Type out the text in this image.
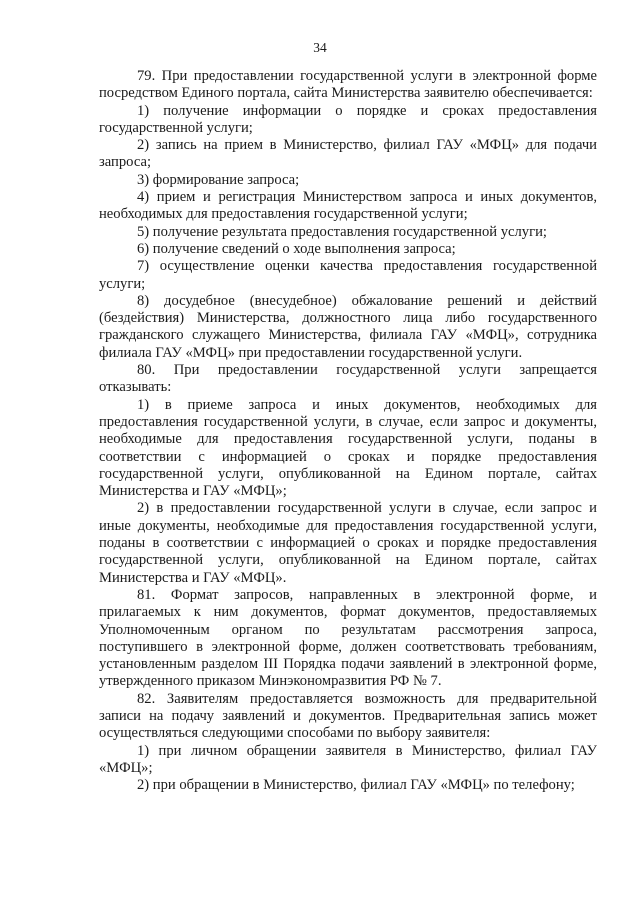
34

79. При предоставлении государственной услуги в электронной форме посредством Единого портала, сайта Министерства заявителю обеспечивается:

1) получение информации о порядке и сроках предоставления государственной услуги;

2) запись на прием в Министерство, филиал ГАУ «МФЦ» для подачи запроса;

3) формирование запроса;

4) прием и регистрация Министерством запроса и иных документов, необходимых для предоставления государственной услуги;

5) получение результата предоставления государственной услуги;

6) получение сведений о ходе выполнения запроса;

7) осуществление оценки качества предоставления государственной услуги;

8) досудебное (внесудебное) обжалование решений и действий (бездействия) Министерства, должностного лица либо государственного гражданского служащего Министерства, филиала ГАУ «МФЦ», сотрудника филиала ГАУ «МФЦ» при предоставлении государственной услуги.

80. При предоставлении государственной услуги запрещается отказывать:

1) в приеме запроса и иных документов, необходимых для предоставления государственной услуги, в случае, если запрос и документы, необходимые для предоставления государственной услуги, поданы в соответствии с информацией о сроках и порядке предоставления государственной услуги, опубликованной на Едином портале, сайтах Министерства и ГАУ «МФЦ»;

2) в предоставлении государственной услуги в случае, если запрос и иные документы, необходимые для предоставления государственной услуги, поданы в соответствии с информацией о сроках и порядке предоставления государственной услуги, опубликованной на Едином портале, сайтах Министерства и ГАУ «МФЦ».

81. Формат запросов, направленных в электронной форме, и прилагаемых к ним документов, формат документов, предоставляемых Уполномоченным органом по результатам рассмотрения запроса, поступившего в электронной форме, должен соответствовать требованиям, установленным разделом III Порядка подачи заявлений в электронной форме, утвержденного приказом Минэкономразвития РФ № 7.

82. Заявителям предоставляется возможность для предварительной записи на подачу заявлений и документов. Предварительная запись может осуществляться следующими способами по выбору заявителя:

1) при личном обращении заявителя в Министерство, филиал ГАУ «МФЦ»;

2) при обращении в Министерство, филиал ГАУ «МФЦ» по телефону;
